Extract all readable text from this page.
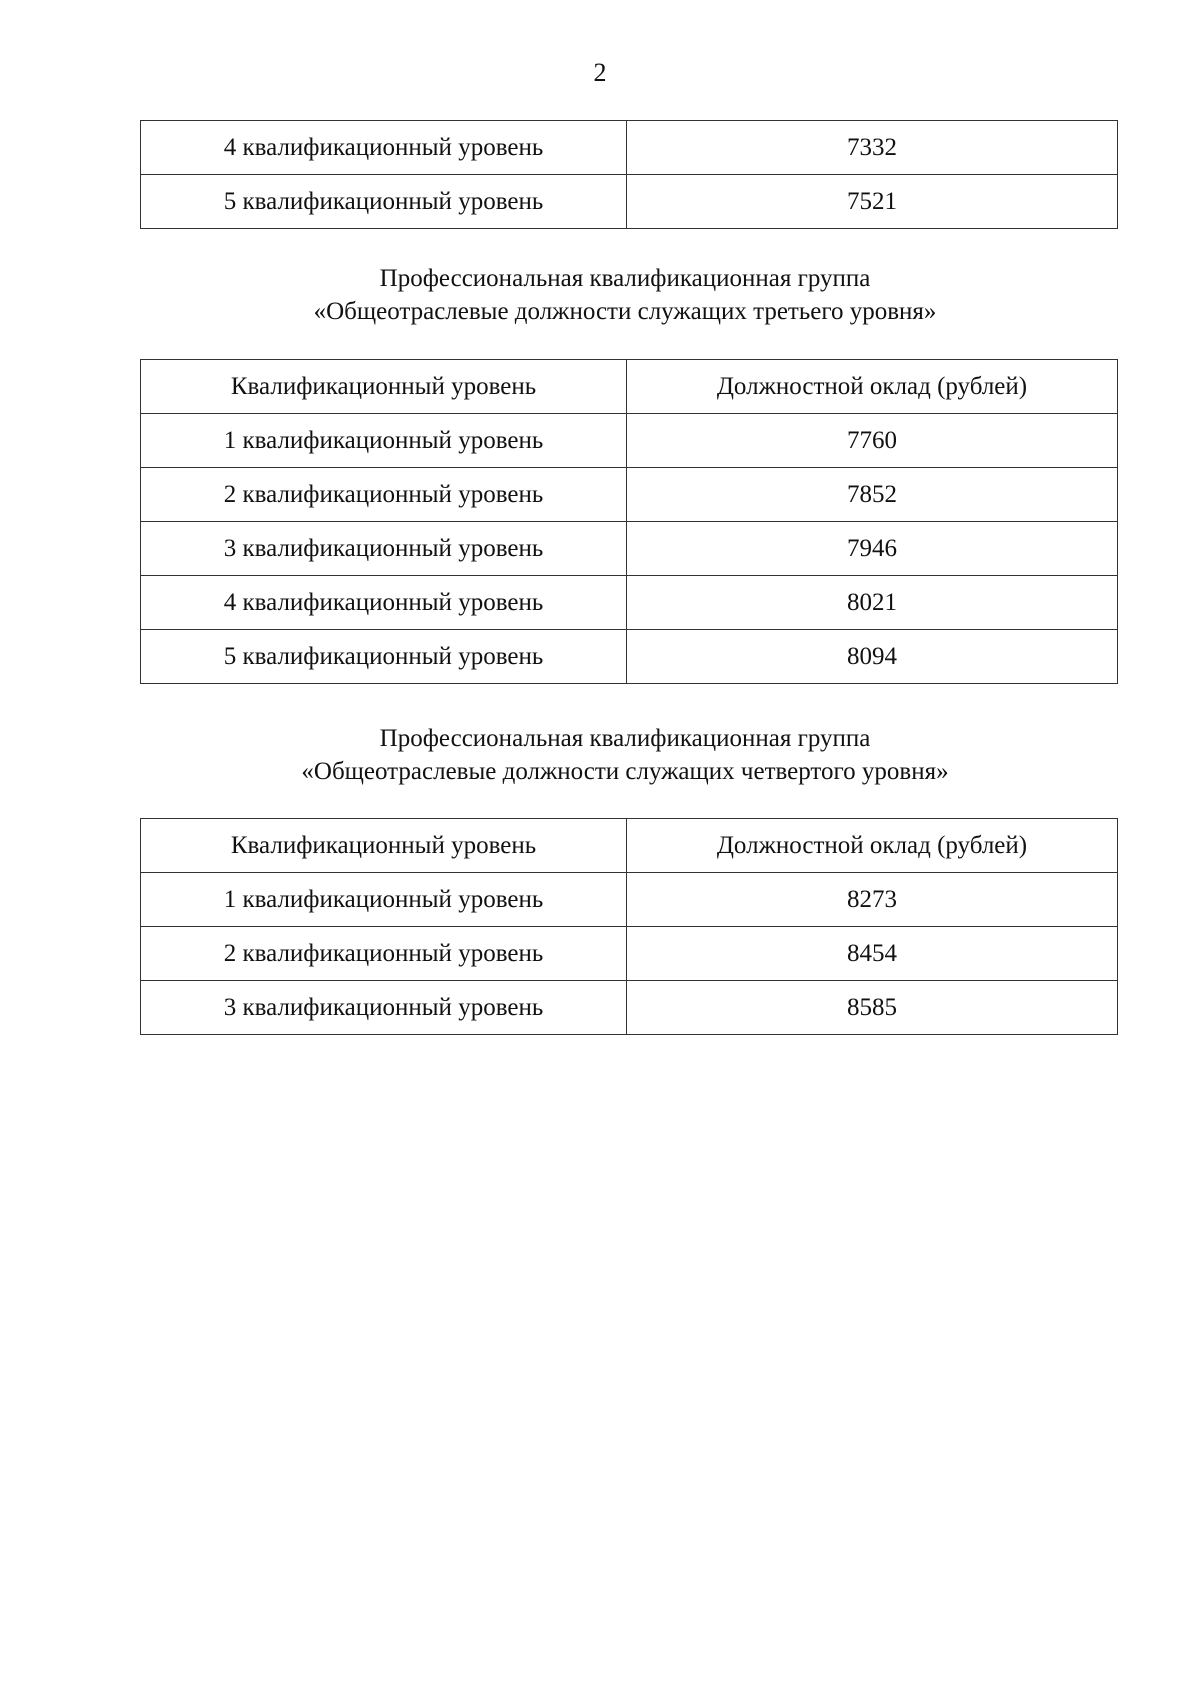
2
4 квалификационный уровень	7332
5 квалификационный уровень	7521
Профессиональная квалификационная группа
«Общеотраслевые должности служащих третьего уровня»
Квалификационный уровень	Должностной оклад (рублей)
1 квалификационный уровень	7760
2 квалификационный уровень	7852
3 квалификационный уровень	7946
4 квалификационный уровень	8021
5 квалификационный уровень	8094
Профессиональная квалификационная группа
«Общеотраслевые должности служащих четвертого уровня»
Квалификационный уровень	Должностной оклад (рублей)
1 квалификационный уровень	8273
2 квалификационный уровень	8454
3 квалификационный уровень	8585
